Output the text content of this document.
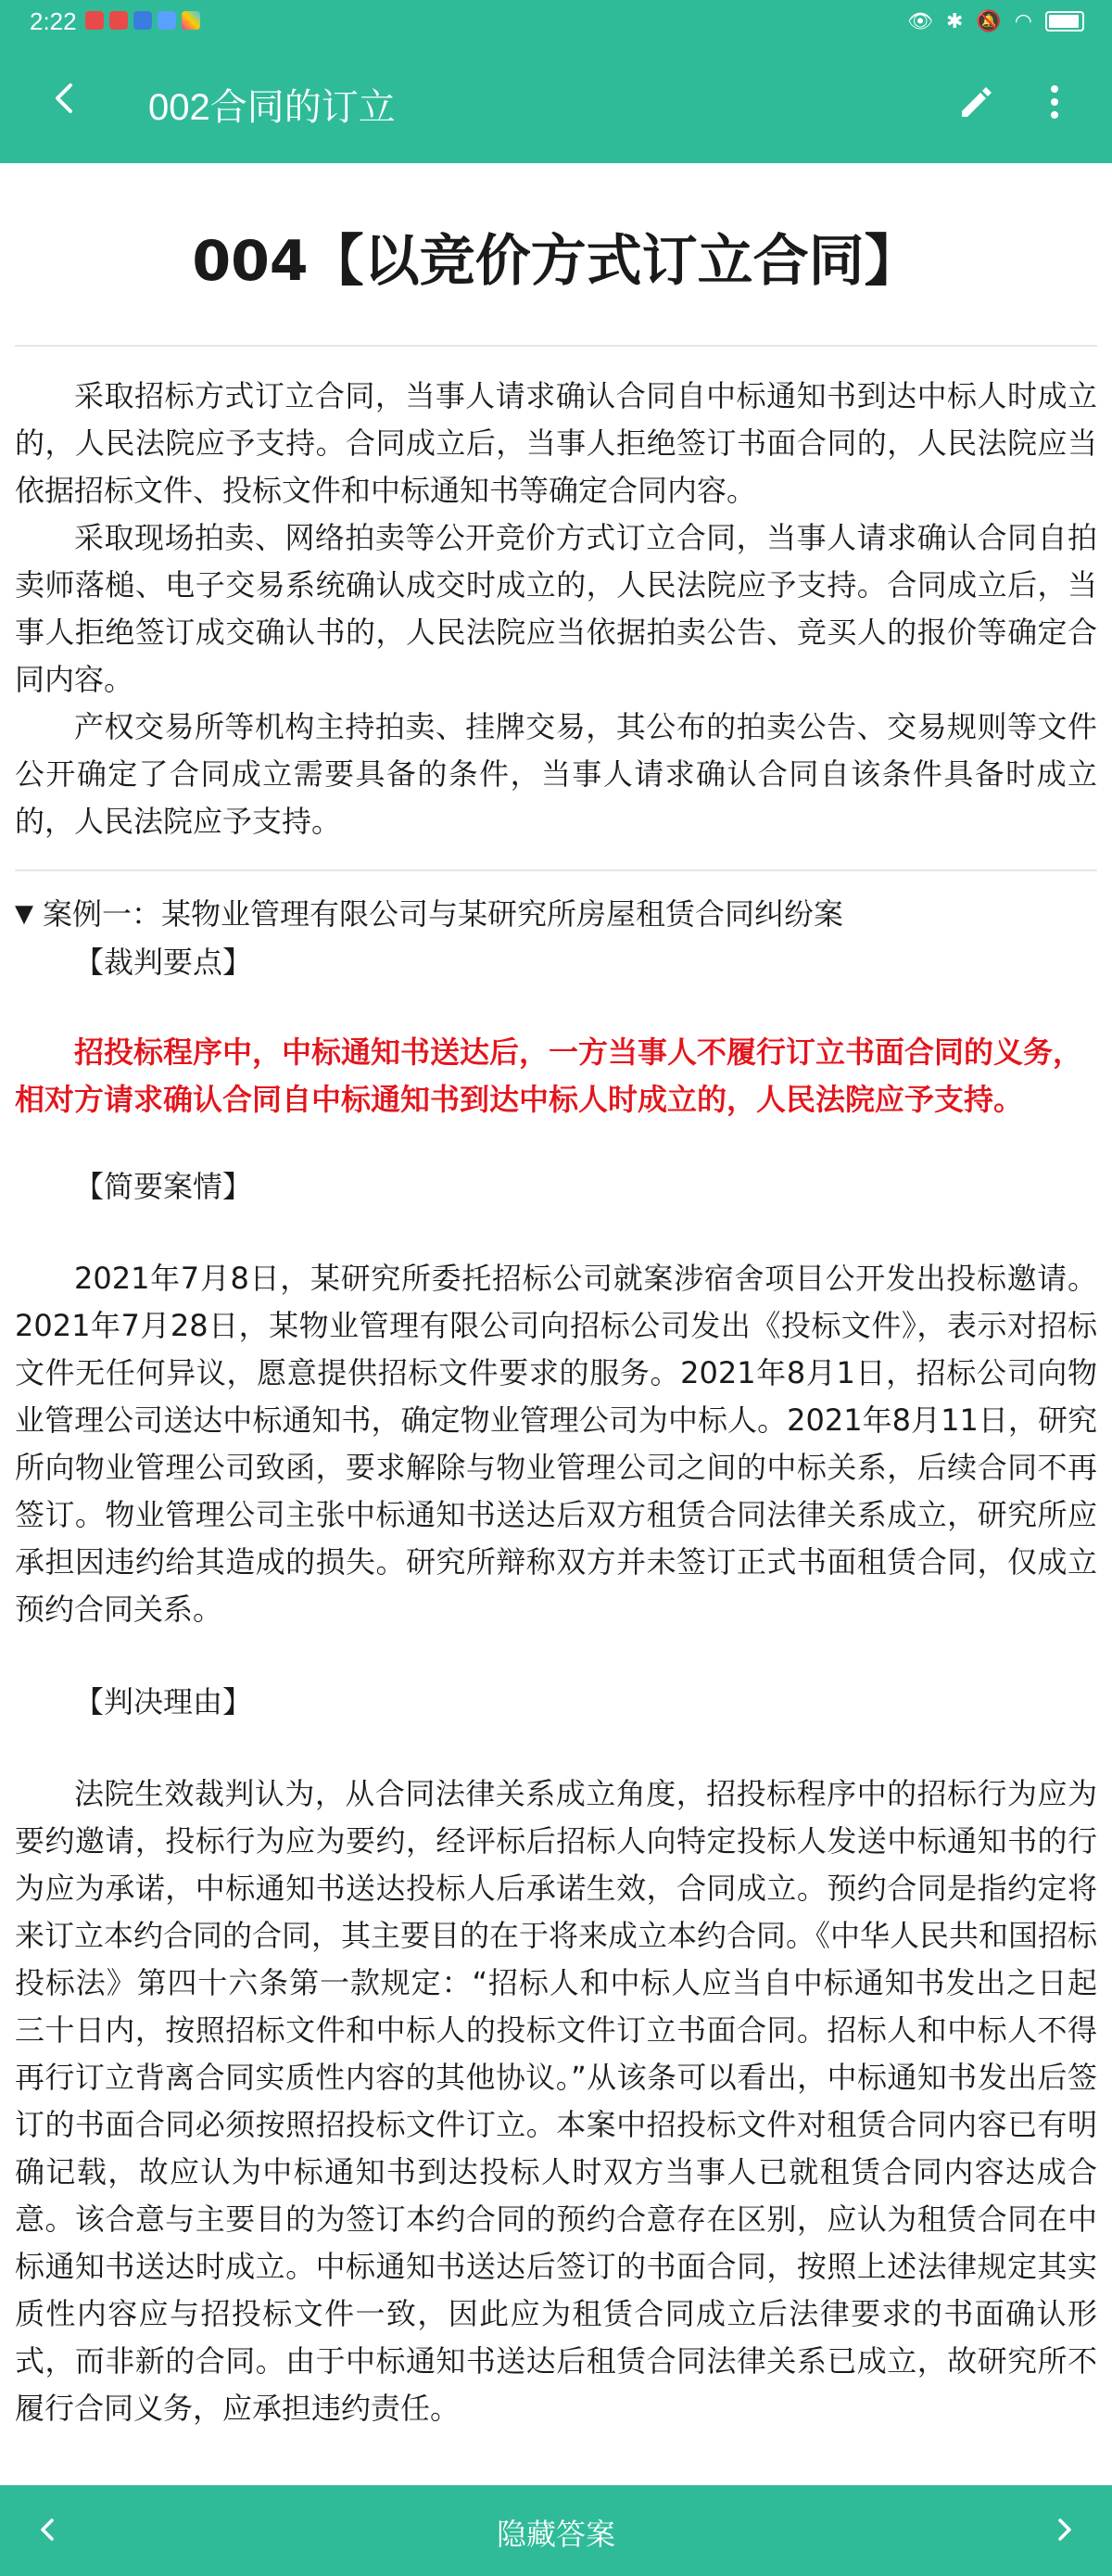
2:22	👁 ✱ 🔕 ◠
002合同的订立
004【以竞价方式订立合同】

采取招标方式订立合同，当事人请求确认合同自中标通知书到达中标人时成立的，人民法院应予支持。合同成立后，当事人拒绝签订书面合同的，人民法院应当依据招标文件、投标文件和中标通知书等确定合同内容。

采取现场拍卖、网络拍卖等公开竞价方式订立合同，当事人请求确认合同自拍卖师落槌、电子交易系统确认成交时成立的，人民法院应予支持。合同成立后，当事人拒绝签订成交确认书的，人民法院应当依据拍卖公告、竞买人的报价等确定合同内容。

产权交易所等机构主持拍卖、挂牌交易，其公布的拍卖公告、交易规则等文件公开确定了合同成立需要具备的条件，当事人请求确认合同自该条件具备时成立的，人民法院应予支持。

▼ 案例一：某物业管理有限公司与某研究所房屋租赁合同纠纷案
【裁判要点】

招投标程序中，中标通知书送达后，一方当事人不履行订立书面合同的义务，相对方请求确认合同自中标通知书到达中标人时成立的，人民法院应予支持。

【简要案情】

2021年7月8日，某研究所委托招标公司就案涉宿舍项目公开发出投标邀请。2021年7月28日，某物业管理有限公司向招标公司发出《投标文件》，表示对招标文件无任何异议，愿意提供招标文件要求的服务。2021年8月1日，招标公司向物业管理公司送达中标通知书，确定物业管理公司为中标人。2021年8月11日，研究所向物业管理公司致函，要求解除与物业管理公司之间的中标关系，后续合同不再签订。物业管理公司主张中标通知书送达后双方租赁合同法律关系成立，研究所应承担因违约给其造成的损失。研究所辩称双方并未签订正式书面租赁合同，仅成立预约合同关系。

【判决理由】

法院生效裁判认为，从合同法律关系成立角度，招投标程序中的招标行为应为要约邀请，投标行为应为要约，经评标后招标人向特定投标人发送中标通知书的行为应为承诺，中标通知书送达投标人后承诺生效，合同成立。预约合同是指约定将来订立本约合同的合同，其主要目的在于将来成立本约合同。《中华人民共和国招标投标法》第四十六条第一款规定：“招标人和中标人应当自中标通知书发出之日起三十日内，按照招标文件和中标人的投标文件订立书面合同。招标人和中标人不得再行订立背离合同实质性内容的其他协议。”从该条可以看出，中标通知书发出后签订的书面合同必须按照招投标文件订立。本案中招投标文件对租赁合同内容已有明确记载，故应认为中标通知书到达投标人时双方当事人已就租赁合同内容达成合意。该合意与主要目的为签订本约合同的预约合意存在区别，应认为租赁合同在中标通知书送达时成立。中标通知书送达后签订的书面合同，按照上述法律规定其实质性内容应与招投标文件一致，因此应为租赁合同成立后法律要求的书面确认形式，而非新的合同。由于中标通知书送达后租赁合同法律关系已成立，故研究所不履行合同义务，应承担违约责任。

隐藏答案
